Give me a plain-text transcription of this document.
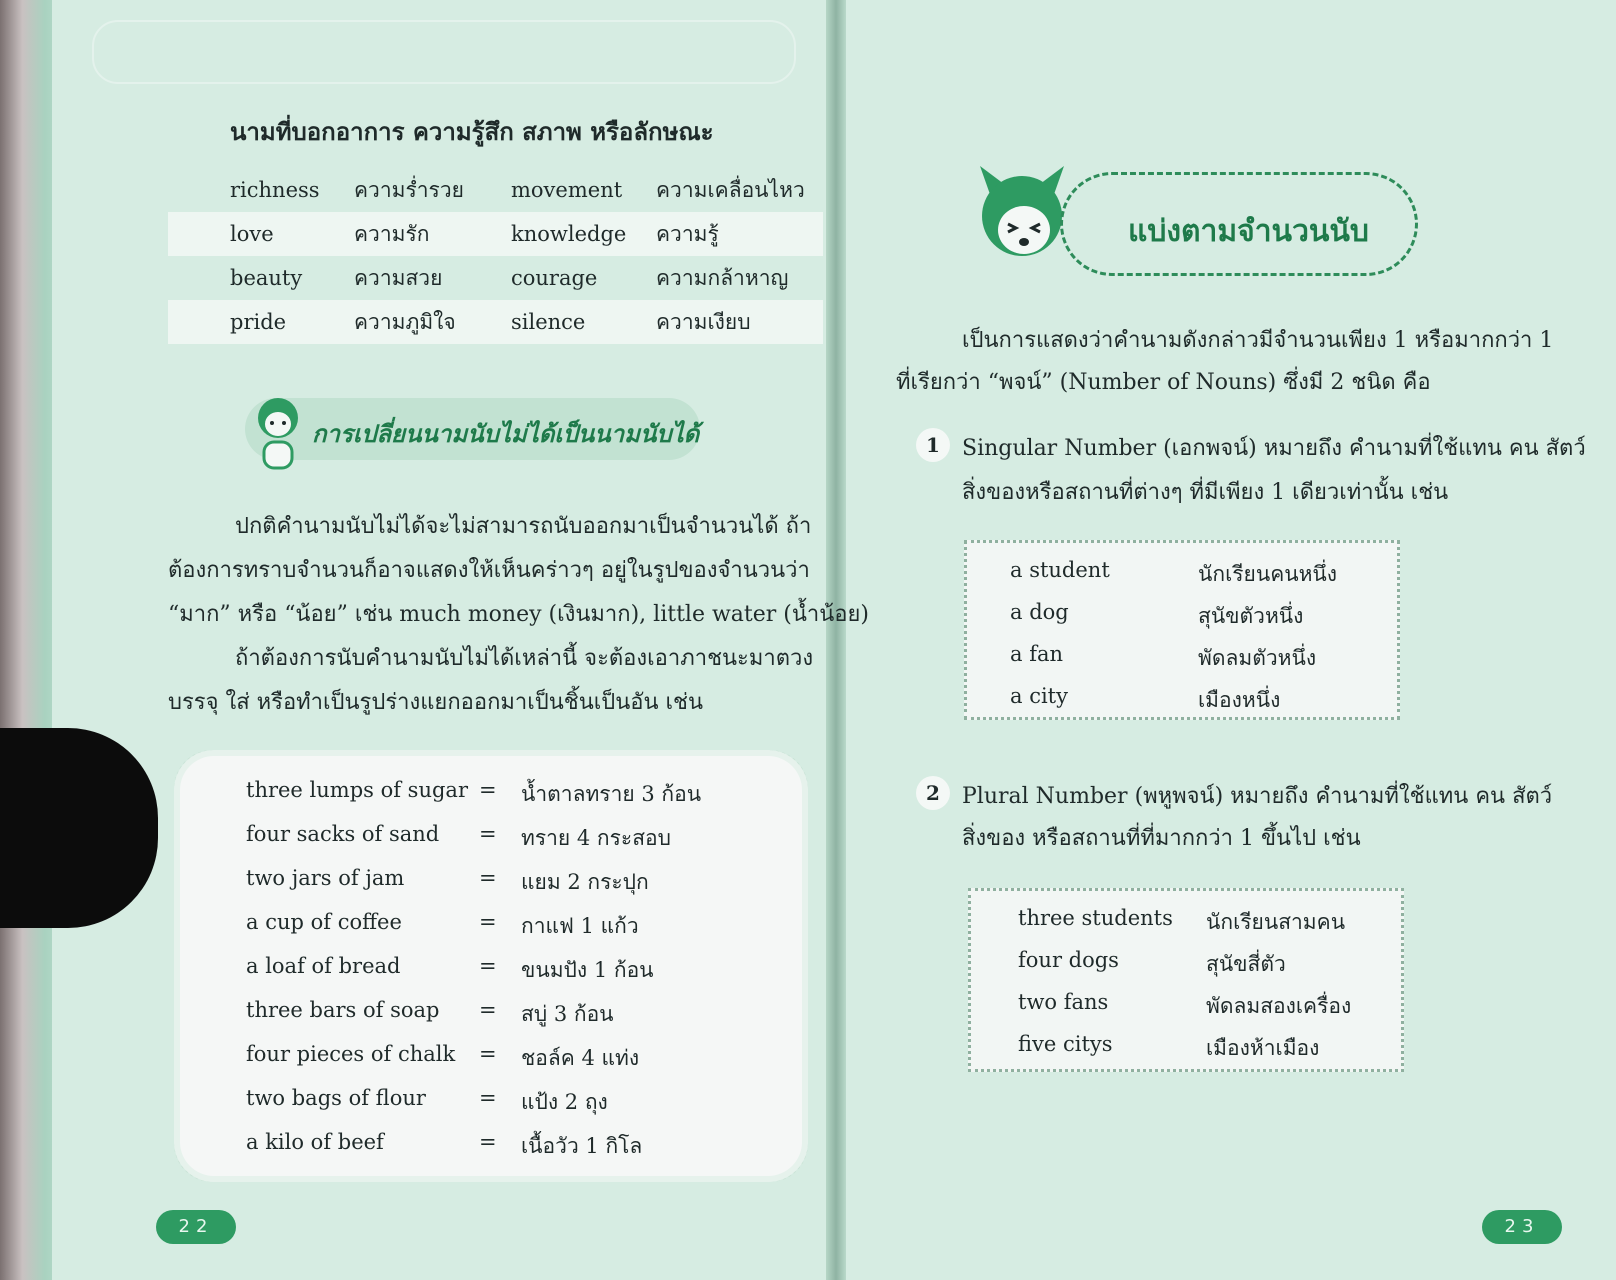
นามที่บอกอาการ ความรู้สึก สภาพ หรือลักษณะ
richness ความร่ำรวย movement ความเคลื่อนไหว
love	ความรัก	knowledge ความรู้
beauty ความสวย	courage	ความกล้าหาญ
pride	ความภูมิใจ	silence	ความเงียบ
การเปลี่ยนนามนับไม่ได้เป็นนามนับได้
ปกติคำนามนับไม่ได้จะไม่สามารถนับออกมาเป็นจำนวนได้ ถ้า
ต้องการทราบจำนวนก็อาจแสดงให้เห็นคร่าวๆ อยู่ในรูปของจำนวนว่า
“มาก” หรือ “น้อย” เช่น much money (เงินมาก), little water (น้ำน้อย)
ถ้าต้องการนับคำนามนับไม่ได้เหล่านี้ จะต้องเอาภาชนะมาตวง
บรรจุ ใส่ หรือทำเป็นรูปร่างแยกออกมาเป็นชิ้นเป็นอัน เช่น
three lumps of sugar = น้ำตาลทราย 3 ก้อน
four sacks of sand = ทราย 4 กระสอบ
two jars of jam	= แยม 2 กระปุก
a cup of coffee	= กาแฟ 1 แก้ว
a loaf of bread	= ขนมปัง 1 ก้อน
three bars of soap = สบู่ 3 ก้อน
four pieces of chalk = ชอล์ค 4 แท่ง
two bags of flour	= แป้ง 2 ถุง
a kilo of beef	= เนื้อวัว 1 กิโล
22
แบ่งตามจำนวนนับ
เป็นการแสดงว่าคำนามดังกล่าวมีจำนวนเพียง 1 หรือมากกว่า 1
ที่เรียกว่า “พจน์” (Number of Nouns) ซึ่งมี 2 ชนิด คือ
1	Singular Number (เอกพจน์) หมายถึง คำนามที่ใช้แทน คน สัตว์
สิ่งของหรือสถานที่ต่างๆ ที่มีเพียง 1 เดียวเท่านั้น เช่น
a student	นักเรียนคนหนึ่ง
a dog	สุนัขตัวหนึ่ง
a fan	พัดลมตัวหนึ่ง
a city	เมืองหนึ่ง
2	Plural Number (พหูพจน์) หมายถึง คำนามที่ใช้แทน คน สัตว์
สิ่งของ หรือสถานที่ที่มากกว่า 1 ขึ้นไป เช่น
three students นักเรียนสามคน
four dogs	สุนัขสี่ตัว
two fans	พัดลมสองเครื่อง
five citys	เมืองห้าเมือง
23
